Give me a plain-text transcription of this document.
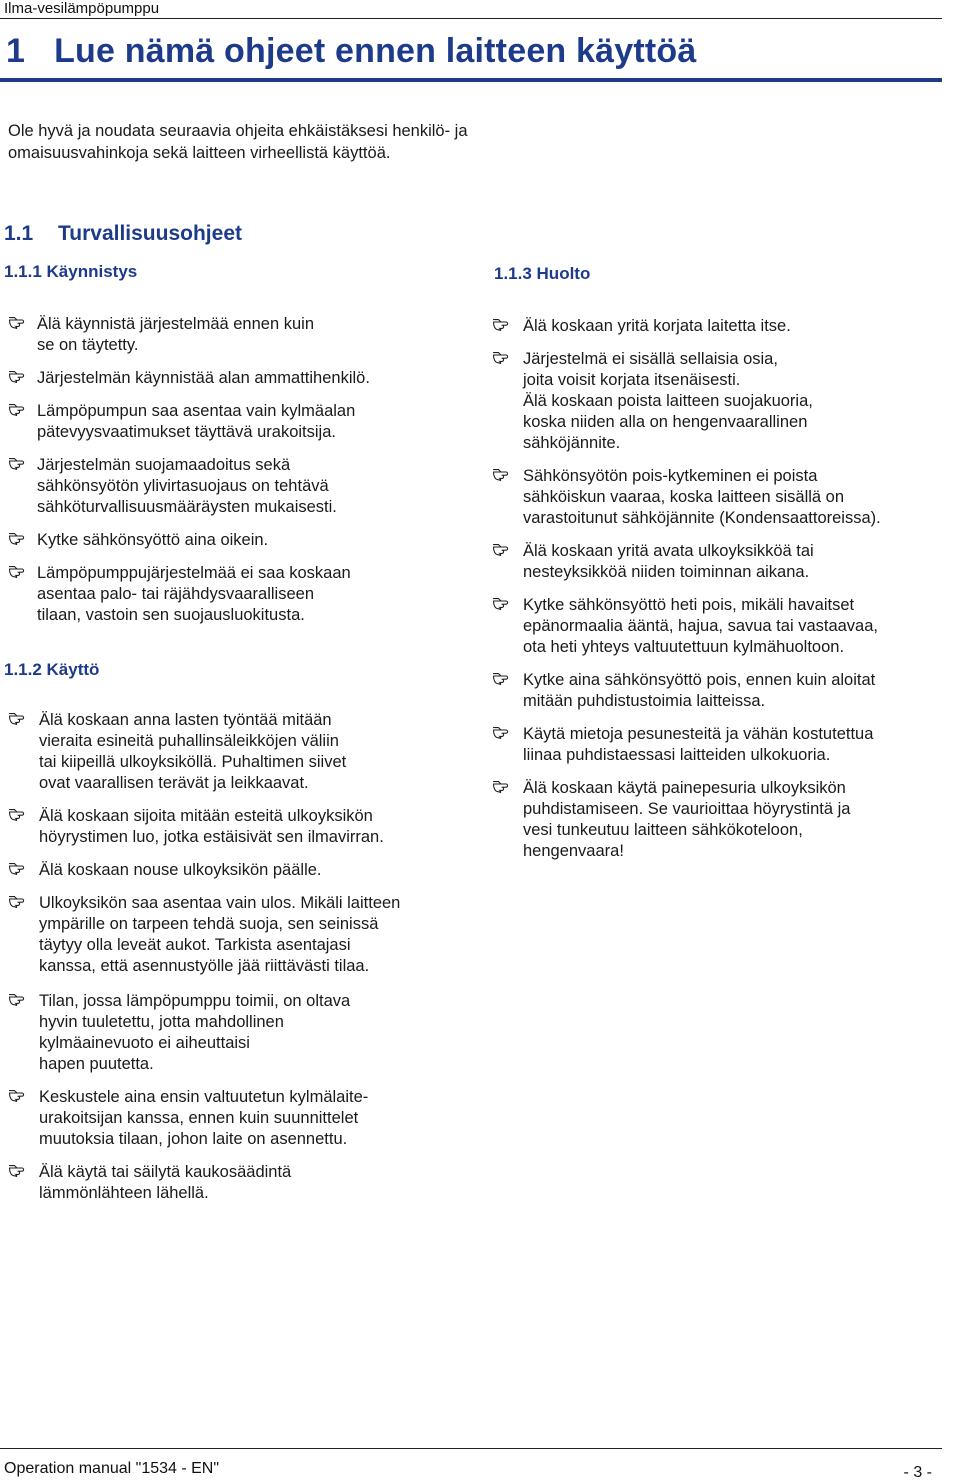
Ilma-vesilämpöpumppu
1 Lue nämä ohjeet ennen laitteen käyttöä

Ole hyvä ja noudata seuraavia ohjeita ehkäistäksesi henkilö- ja omaisuusvahinkoja sekä laitteen virheellistä käyttöä.

1.1 Turvallisuusohjeet
1.1.1 Käynnistys
Älä käynnistä järjestelmää ennen kuin
se on täytetty.
Järjestelmän käynnistää alan ammattihenkilö.
Lämpöpumpun saa asentaa vain kylmäalan
pätevyysvaatimukset täyttävä urakoitsija.
Järjestelmän suojamaadoitus sekä
sähkönsyötön ylivirtasuojaus on tehtävä
sähköturvallisuusmääräysten mukaisesti.
Kytke sähkönsyöttö aina oikein.
Lämpöpumppujärjestelmää ei saa koskaan
asentaa palo- tai räjähdysvaaralliseen
tilaan, vastoin sen suojausluokitusta.
1.1.2 Käyttö
Älä koskaan anna lasten työntää mitään
vieraita esineitä puhallinsäleikköjen väliin
tai kiipeillä ulkoyksiköllä. Puhaltimen siivet
ovat vaarallisen terävät ja leikkaavat.
Älä koskaan sijoita mitään esteitä ulkoyksikön
höyrystimen luo, jotka estäisivät sen ilmavirran.
Älä koskaan nouse ulkoyksikön päälle.
Ulkoyksikön saa asentaa vain ulos. Mikäli laitteen
ympärille on tarpeen tehdä suoja, sen seinissä
täytyy olla leveät aukot. Tarkista asentajasi
kanssa, että asennustyölle jää riittävästi tilaa.
Tilan, jossa lämpöpumppu toimii, on oltava
hyvin tuuletettu, jotta mahdollinen
kylmäainevuoto ei aiheuttaisi
hapen puutetta.
Keskustele aina ensin valtuutetun kylmälaite-
urakoitsijan kanssa, ennen kuin suunnittelet
muutoksia tilaan, johon laite on asennettu.
Älä käytä tai säilytä kaukosäädintä
lämmönlähteen lähellä.
1.1.3 Huolto
Älä koskaan yritä korjata laitetta itse.
Järjestelmä ei sisällä sellaisia osia,
joita voisit korjata itsenäisesti.
Älä koskaan poista laitteen suojakuoria,
koska niiden alla on hengenvaarallinen
sähköjännite.
Sähkönsyötön pois-kytkeminen ei poista
sähköiskun vaaraa, koska laitteen sisällä on
varastoitunut sähköjännite (Kondensaattoreissa).
Älä koskaan yritä avata ulkoyksikköä tai
nesteyksikköä niiden toiminnan aikana.
Kytke sähkönsyöttö heti pois, mikäli havaitset
epänormaalia ääntä, hajua, savua tai vastaavaa,
ota heti yhteys valtuutettuun kylmähuoltoon.
Kytke aina sähkönsyöttö pois, ennen kuin aloitat
mitään puhdistustoimia laitteissa.
Käytä mietoja pesunesteitä ja vähän kostutettua
liinaa puhdistaessasi laitteiden ulkokuoria.
Älä koskaan käytä painepesuria ulkoyksikön
puhdistamiseen. Se vaurioittaa höyrystintä ja
vesi tunkeutuu laitteen sähkökoteloon,
hengenvaara!
Operation manual "1534 - EN"	- 3 -
